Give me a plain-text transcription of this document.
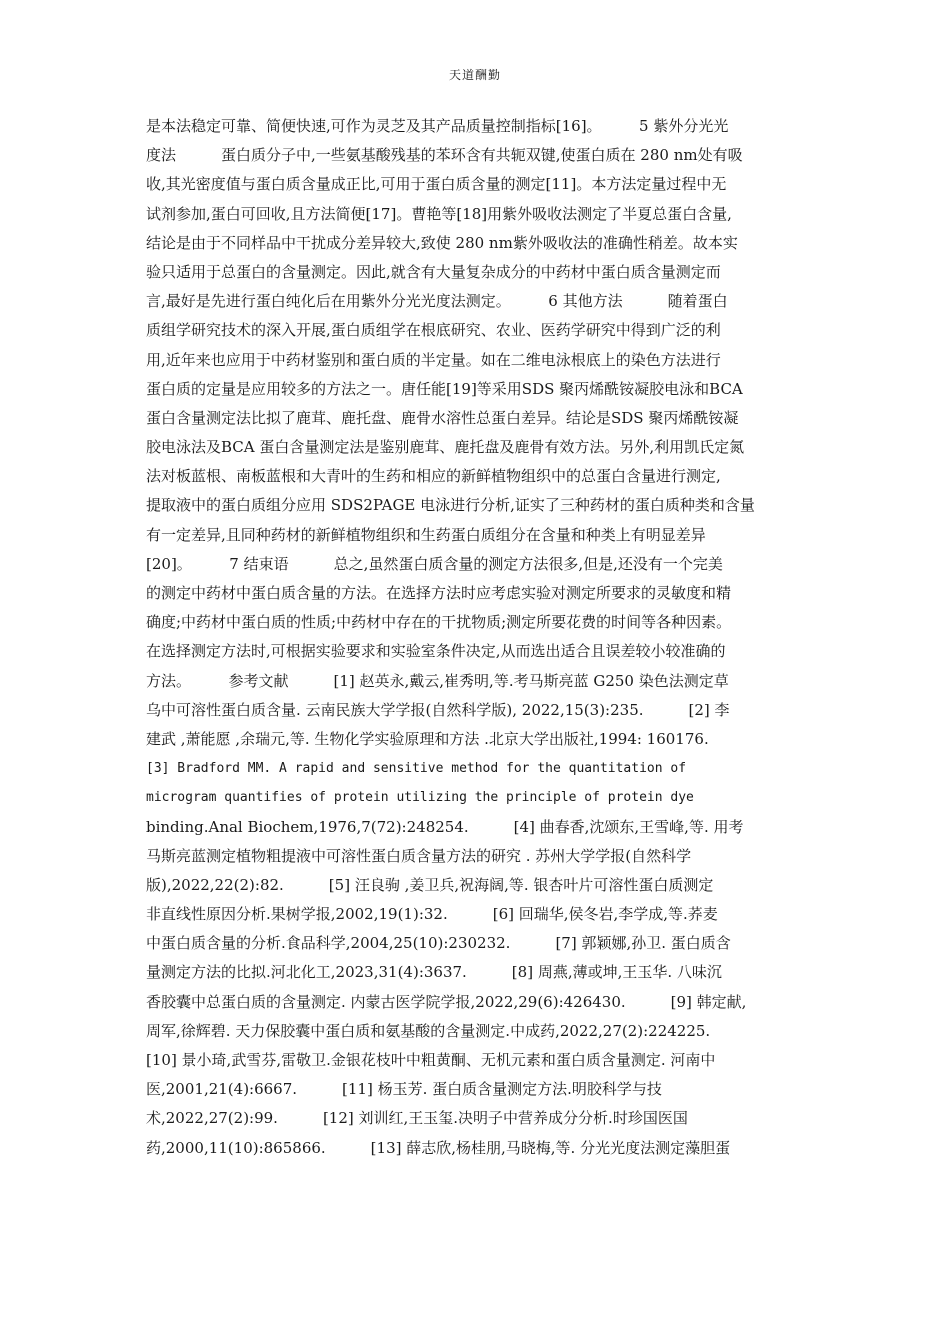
天道酬勤
是本法稳定可靠、简便快速,可作为灵芝及其产品质量控制指标[16]。　　　5 紫外分光光
度法　　　蛋白质分子中,一些氨基酸残基的苯环含有共轭双键,使蛋白质在 280 nm处有吸
收,其光密度值与蛋白质含量成正比,可用于蛋白质含量的测定[11]。本方法定量过程中无
试剂参加,蛋白可回收,且方法简便[17]。曹艳等[18]用紫外吸收法测定了半夏总蛋白含量,
结论是由于不同样品中干扰成分差异较大,致使 280 nm紫外吸收法的准确性稍差。故本实
验只适用于总蛋白的含量测定。因此,就含有大量复杂成分的中药材中蛋白质含量测定而
言,最好是先进行蛋白纯化后在用紫外分光光度法测定。　　　6 其他方法　　　随着蛋白
质组学研究技术的深入开展,蛋白质组学在根底研究、农业、医药学研究中得到广泛的利
用,近年来也应用于中药材鉴别和蛋白质的半定量。如在二维电泳根底上的染色方法进行
蛋白质的定量是应用较多的方法之一。唐任能[19]等采用SDS 聚丙烯酰铵凝胶电泳和BCA
蛋白含量测定法比拟了鹿茸、鹿托盘、鹿骨水溶性总蛋白差异。结论是SDS 聚丙烯酰铵凝
胶电泳法及BCA 蛋白含量测定法是鉴别鹿茸、鹿托盘及鹿骨有效方法。另外,利用凯氏定氮
法对板蓝根、南板蓝根和大青叶的生药和相应的新鲜植物组织中的总蛋白含量进行测定,
提取液中的蛋白质组分应用 SDS2PAGE 电泳进行分析,证实了三种药材的蛋白质种类和含量
有一定差异,且同种药材的新鲜植物组织和生药蛋白质组分在含量和种类上有明显差异
[20]。　　　7 结束语　　　总之,虽然蛋白质含量的测定方法很多,但是,还没有一个完美
的测定中药材中蛋白质含量的方法。在选择方法时应考虑实验对测定所要求的灵敏度和精
确度;中药材中蛋白质的性质;中药材中存在的干扰物质;测定所要花费的时间等各种因素。
在选择测定方法时,可根据实验要求和实验室条件决定,从而选出适合且误差较小较准确的
方法。　　　参考文献　　　[1] 赵英永,戴云,崔秀明,等.考马斯亮蓝 G250 染色法测定草
乌中可溶性蛋白质含量. 云南民族大学学报(自然科学版), 2022,15(3):235.　　　[2] 李
建武 ,萧能愿 ,余瑞元,等. 生物化学实验原理和方法 .北京大学出版社,1994: 160176.
[3] Bradford MM. A rapid and sensitive method for the quantitation of
microgram quantifies of protein utilizing the principle of protein dye
binding.Anal Biochem,1976,7(72):248254.　　　[4] 曲春香,沈颂东,王雪峰,等. 用考
马斯亮蓝测定植物粗提液中可溶性蛋白质含量方法的研究 . 苏州大学学报(自然科学
版),2022,22(2):82.　　　[5] 汪良驹 ,姜卫兵,祝海阔,等. 银杏叶片可溶性蛋白质测定
非直线性原因分析.果树学报,2002,19(1):32.　　　[6] 回瑞华,侯冬岩,李学成,等.荞麦
中蛋白质含量的分析.食品科学,2004,25(10):230232.　　　[7] 郭颖娜,孙卫. 蛋白质含
量测定方法的比拟.河北化工,2023,31(4):3637.　　　[8] 周燕,薄或坤,王玉华. 八味沉
香胶囊中总蛋白质的含量测定. 内蒙古医学院学报,2022,29(6):426430.　　　[9] 韩定献,
周军,徐辉碧. 天力保胶囊中蛋白质和氨基酸的含量测定.中成药,2022,27(2):224225.
[10] 景小琦,武雪芬,雷敬卫.金银花枝叶中粗黄酮、无机元素和蛋白质含量测定. 河南中
医,2001,21(4):6667.　　　[11] 杨玉芳. 蛋白质含量测定方法.明胶科学与技
术,2022,27(2):99.　　　[12] 刘训红,王玉玺.决明子中营养成分分析.时珍国医国
药,2000,11(10):865866.　　　[13] 薛志欣,杨桂朋,马晓梅,等. 分光光度法测定藻胆蛋
